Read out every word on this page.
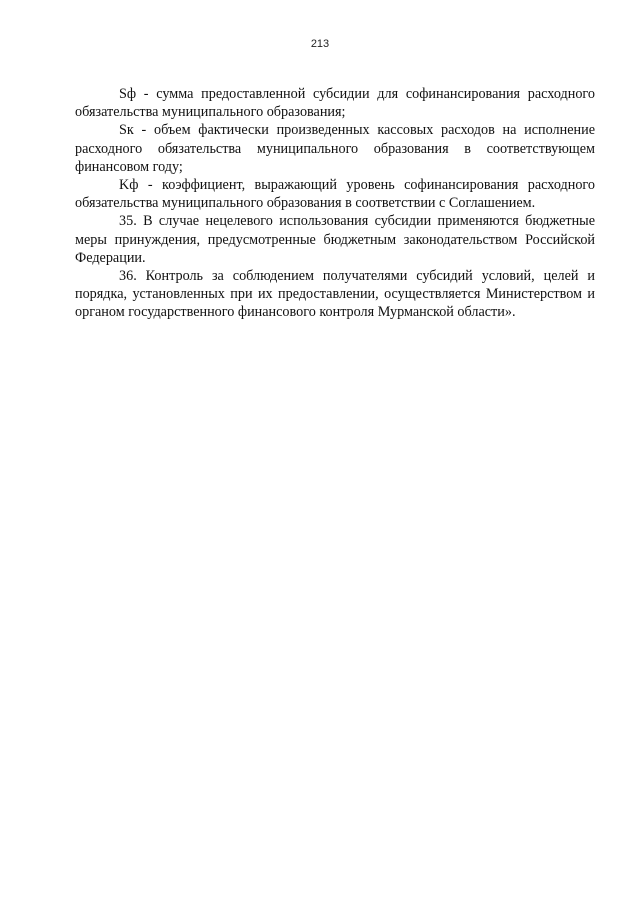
213

Sф - сумма предоставленной субсидии для софинансирования расходного обязательства муниципального образования;

Sк - объем фактически произведенных кассовых расходов на исполнение расходного обязательства муниципального образования в соответствующем финансовом году;

Kф - коэффициент, выражающий уровень софинансирования расходного обязательства муниципального образования в соответствии с Соглашением.

35. В случае нецелевого использования субсидии применяются бюджетные меры принуждения, предусмотренные бюджетным законодательством Российской Федерации.

36. Контроль за соблюдением получателями субсидий условий, целей и порядка, установленных при их предоставлении, осуществляется Министерством и органом государственного финансового контроля Мурманской области».
